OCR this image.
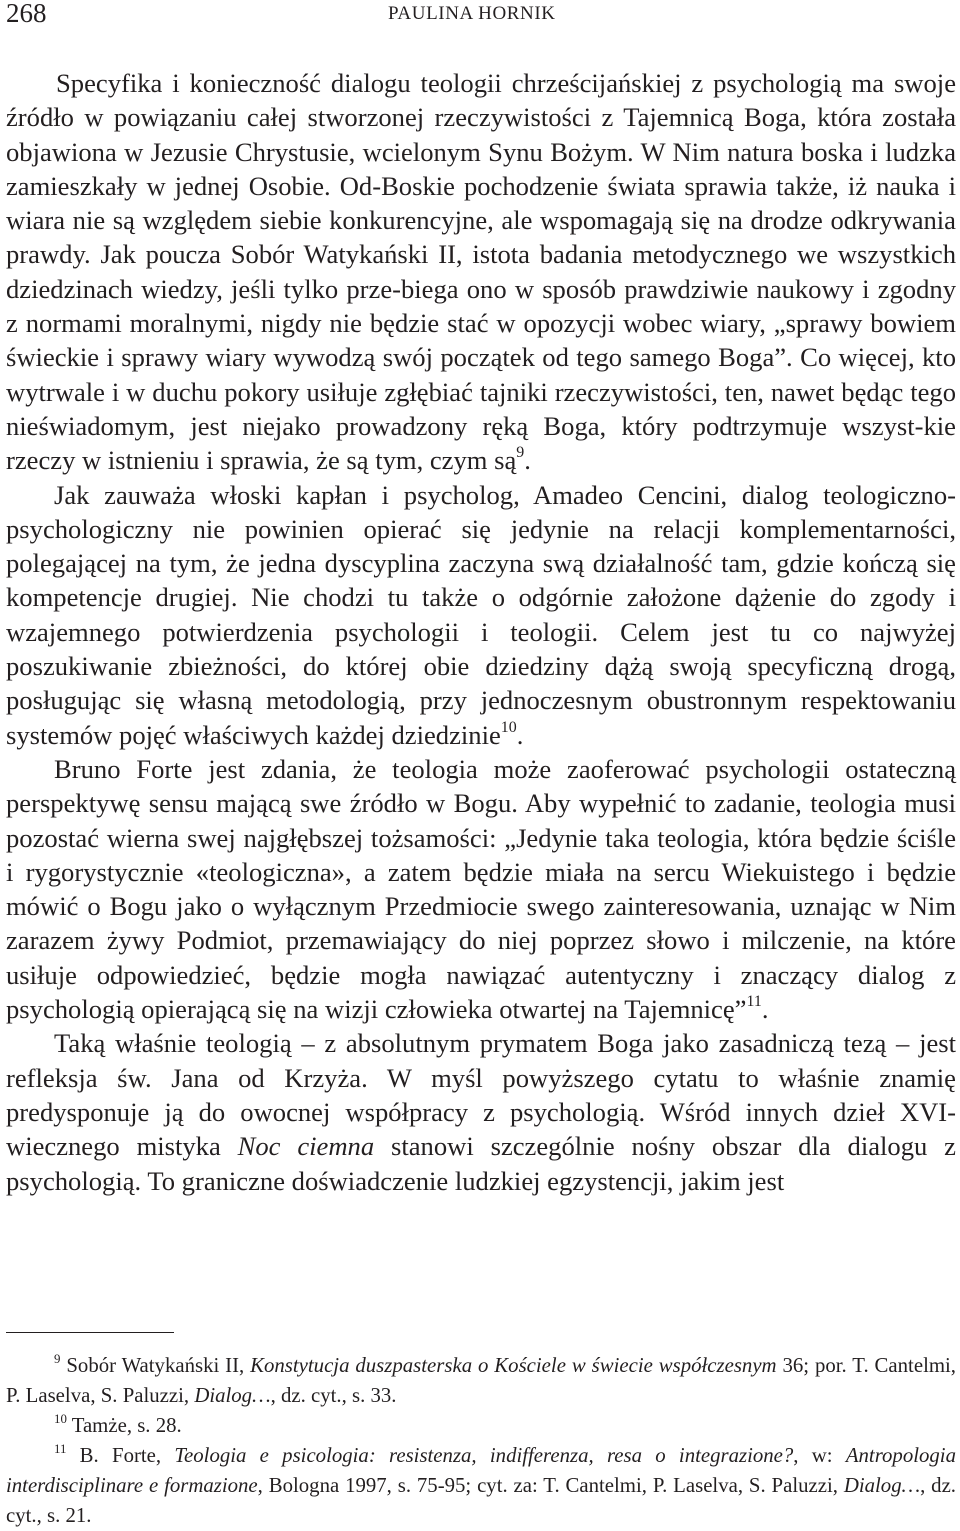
268	PAULINA HORNIK

Specyfika i konieczność dialogu teologii chrześcijańskiej z psychologią ma swoje źródło w powiązaniu całej stworzonej rzeczywistości z Tajemnicą Boga, która została objawiona w Jezusie Chrystusie, wcielonym Synu Bożym. W Nim natura boska i ludzka zamieszkały w jednej Osobie. Od-Boskie pochodzenie świata sprawia także, iż nauka i wiara nie są względem siebie konkurencyjne, ale wspomagają się na drodze odkrywania prawdy. Jak poucza Sobór Watykański II, istota badania metodycznego we wszystkich dziedzinach wiedzy, jeśli tylko prze-biega ono w sposób prawdziwie naukowy i zgodny z normami moralnymi, nigdy nie będzie stać w opozycji wobec wiary, „sprawy bowiem świeckie i sprawy wiary wywodzą swój początek od tego samego Boga”. Co więcej, kto wytrwale i w duchu pokory usiłuje zgłębiać tajniki rzeczywistości, ten, nawet będąc tego nieświadomym, jest niejako prowadzony ręką Boga, który podtrzymuje wszyst-kie rzeczy w istnieniu i sprawia, że są tym, czym $są^9$.

Jak zauważa włoski kapłan i psycholog, Amadeo Cencini, dialog teologiczno-psychologiczny nie powinien opierać się jedynie na relacji komplementarności, polegającej na tym, że jedna dyscyplina zaczyna swą działalność tam, gdzie kończą się kompetencje drugiej. Nie chodzi tu także o odgórnie założone dążenie do zgody i wzajemnego potwierdzenia psychologii i teologii. Celem jest tu co najwyżej poszukiwanie zbieżności, do której obie dziedziny dążą swoją specyficzną drogą, posługując się własną metodologią, przy jednoczesnym obustronnym respektowaniu systemów pojęć właściwych każdej dziedzinie$^{10}$.

Bruno Forte jest zdania, że teologia może zaoferować psychologii ostateczną perspektywę sensu mającą swe źródło w Bogu. Aby wypełnić to zadanie, teologia musi pozostać wierna swej najgłębszej tożsamości: „Jedynie taka teologia, która będzie ściśle i rygorystycznie «teologiczna», a zatem będzie miała na sercu Wiekuistego i będzie mówić o Bogu jako o wyłącznym Przedmiocie swego zainteresowania, uznając w Nim zarazem żywy Podmiot, przemawiający do niej poprzez słowo i milczenie, na które usiłuje odpowiedzieć, będzie mogła nawiązać autentyczny i znaczący dialog z psychologią opierającą się na wizji człowieka otwartej na Tajemnicę”$^{11}$.

Taką właśnie teologią – z absolutnym prymatem Boga jako zasadniczą tezą – jest refleksja św. Jana od Krzyża. W myśl powyższego cytatu to właśnie znamię predysponuje ją do owocnej współpracy z psychologią. Wśród innych dzieł XVI-wiecznego mistyka Noc ciemna stanowi szczególnie nośny obszar dla dialogu z psychologią. To graniczne doświadczenie ludzkiej egzystencji, jakim jest

$^9$ Sobór Watykański II, Konstytucja duszpasterska o Kościele w świecie współczesnym 36; por. T. Cantelmi, P. Laselva, S. Paluzzi, Dialog…, dz. cyt., s. 33.

$^{10}$ Tamże, s. 28.

$^{11}$ B. Forte, Teologia e psicologia: resistenza, indifferenza, resa o integrazione?, w: Antropologia interdisciplinare e formazione, Bologna 1997, s. 75-95; cyt. za: T. Cantelmi, P. Laselva, S. Paluzzi, Dialog…, dz. cyt., s. 21.
